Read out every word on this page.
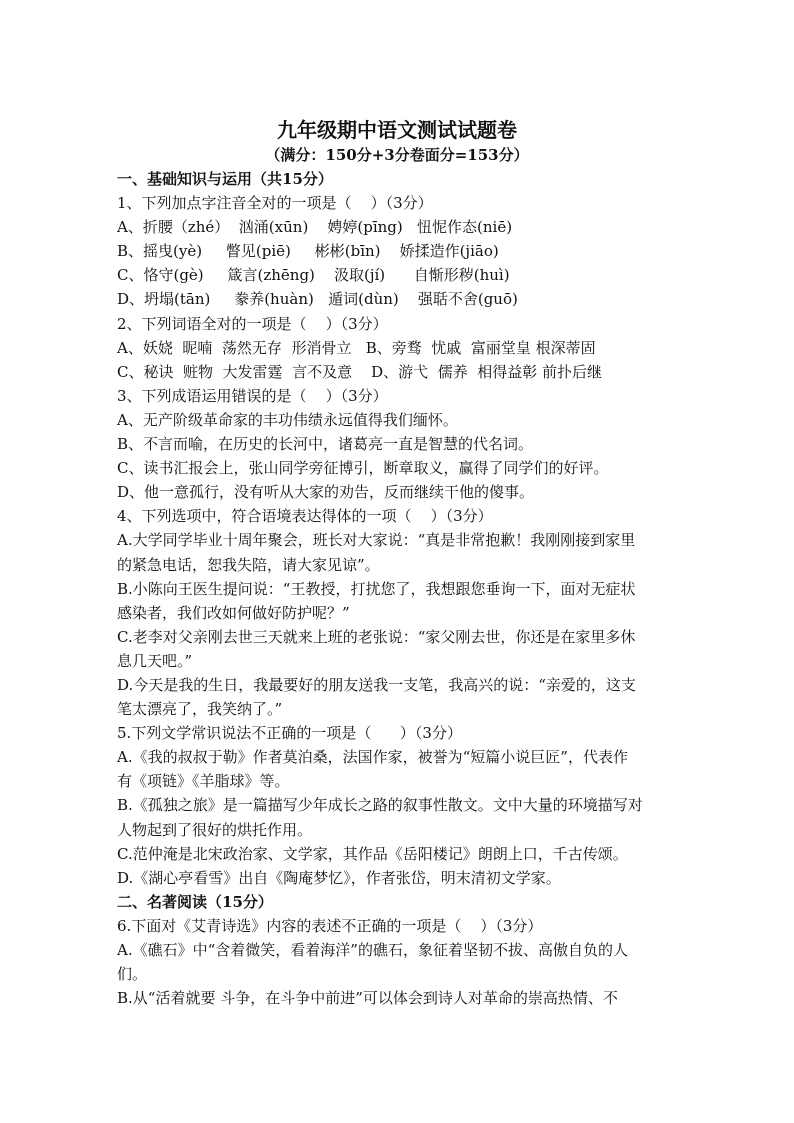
九年级期中语文测试试题卷
（满分：150分+3分卷面分=153分）
一、基础知识与运用（共15分）
1、下列加点字注音全对的一项是（    ）（3分）
A、折腰（zhé）  汹涌(xūn)    娉婷(pīng)   忸怩作态(niē)
B、摇曳(yè)     瞥见(piē)     彬彬(bīn)    娇揉造作(jiāo)
C、恪守(gè)     箴言(zhēng)    汲取(jí)      自惭形秽(huì)
D、坍塌(tān)     豢养(huàn)   遁词(dùn)    强聒不舍(guō)
2、下列词语全对的一项是（    ）（3分）
A、妖娆  昵喃  荡然无存  形消骨立   B、旁骛  忧戚  富丽堂皇 根深蒂固
C、秘诀  赃物  大发雷霆  言不及意    D、游弋  儒养  相得益彰 前扑后继
3、下列成语运用错误的是（    ）（3分）
A、无产阶级革命家的丰功伟绩永远值得我们缅怀。
B、不言而喻，在历史的长河中，诸葛亮一直是智慧的代名词。
C、读书汇报会上，张山同学旁征博引，断章取义，赢得了同学们的好评。
D、他一意孤行，没有听从大家的劝告，反而继续干他的傻事。
4、下列选项中，符合语境表达得体的一项（    ）（3分）
A.大学同学毕业十周年聚会，班长对大家说：“真是非常抱歉！我刚刚接到家里
的紧急电话，恕我失陪，请大家见谅”。
B.小陈向王医生提问说：“王教授，打扰您了，我想跟您垂询一下，面对无症状
感染者，我们改如何做好防护呢？”
C.老李对父亲刚去世三天就来上班的老张说：“家父刚去世，你还是在家里多休
息几天吧。”
D.今天是我的生日，我最要好的朋友送我一支笔，我高兴的说：“亲爱的，这支
笔太漂亮了，我笑纳了。”
5.下列文学常识说法不正确的一项是（      ）（3分）
A.《我的叔叔于勒》作者莫泊桑，法国作家，被誉为“短篇小说巨匠”，代表作
有《项链》《羊脂球》等。
B.《孤独之旅》是一篇描写少年成长之路的叙事性散文。文中大量的环境描写对
人物起到了很好的烘托作用。
C.范仲淹是北宋政治家、文学家，其作品《岳阳楼记》朗朗上口，千古传颂。
D.《湖心亭看雪》出自《陶庵梦忆》，作者张岱，明末清初文学家。
二、名著阅读（15分）
6.下面对《艾青诗选》内容的表述不正确的一项是（    ）（3分）
A.《礁石》中“含着微笑，看着海洋”的礁石，象征着坚韧不拔、高傲自负的人
们。
B.从“活着就要 斗争，在斗争中前进”可以体会到诗人对革命的崇高热情、不
